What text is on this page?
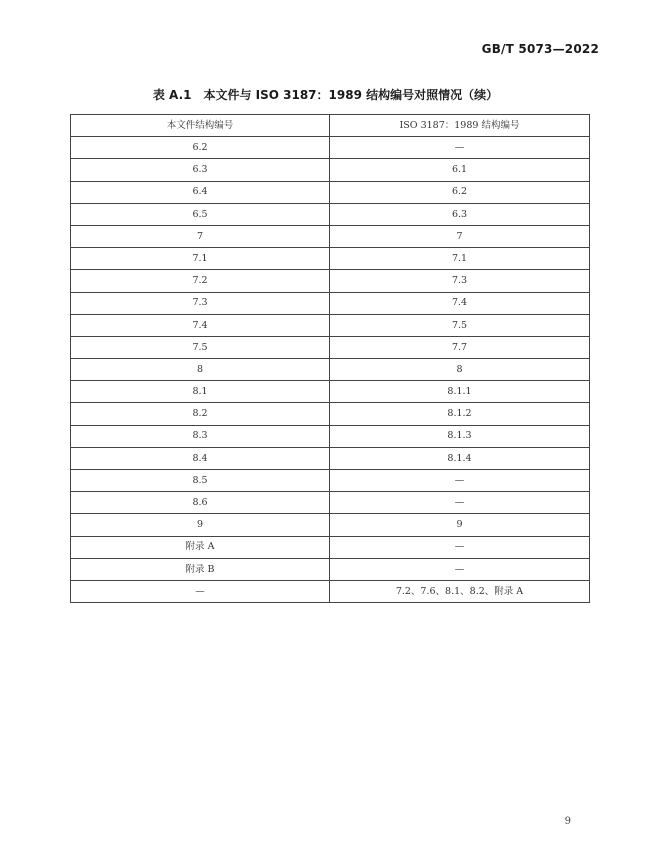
GB/T 5073—2022
表 A.1　本文件与 ISO 3187：1989 结构编号对照情况（续）
本文件结构编号	ISO 3187：1989 结构编号
6.2	—
6.3	6.1
6.4	6.2
6.5	6.3
7	7
7.1	7.1
7.2	7.3
7.3	7.4
7.4	7.5
7.5	7.7
8	8
8.1	8.1.1
8.2	8.1.2
8.3	8.1.3
8.4	8.1.4
8.5	—
8.6	—
9	9
附录 A	—
附录 B	—
—	7.2、7.6、8.1、8.2、附录 A
9
